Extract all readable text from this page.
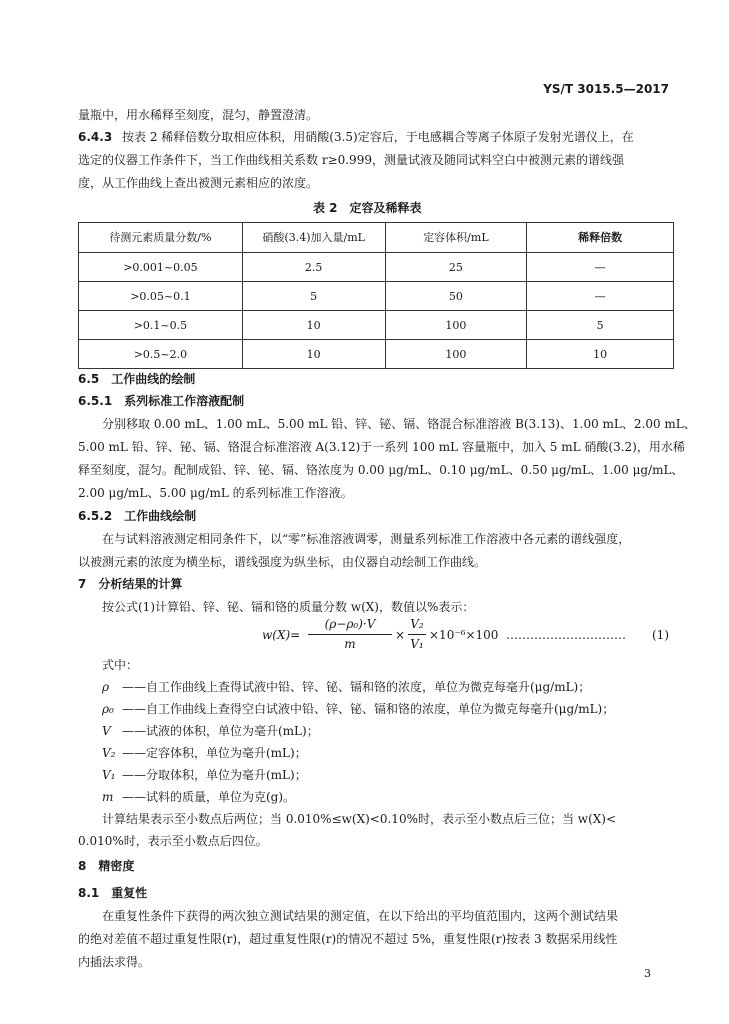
YS/T 3015.5—2017
量瓶中，用水稀释至刻度，混匀，静置澄清。
6.4.3 按表 2 稀释倍数分取相应体积，用硝酸(3.5)定容后，于电感耦合等离子体原子发射光谱仪上，在
选定的仪器工作条件下，当工作曲线相关系数 r≥0.999，测量试液及随同试料空白中被测元素的谱线强
度，从工作曲线上查出被测元素相应的浓度。
表 2　定容及稀释表
待测元素质量分数/%	硝酸(3.4)加入量/mL	定容体积/mL	稀释倍数
>0.001~0.05	2.5	25	—
>0.05~0.1	5	50	—
>0.1~0.5	10	100	5
>0.5~2.0	10	100	10
6.5　工作曲线的绘制
6.5.1　系列标准工作溶液配制
分别移取 0.00 mL、1.00 mL、5.00 mL 铅、锌、铋、镉、铬混合标准溶液 B(3.13)、1.00 mL、2.00 mL、
5.00 mL 铅、锌、铋、镉、铬混合标准溶液 A(3.12)于一系列 100 mL 容量瓶中，加入 5 mL 硝酸(3.2)，用水稀
释至刻度，混匀。配制成铅、锌、铋、镉、铬浓度为 0.00 μg/mL、0.10 μg/mL、0.50 μg/mL、1.00 μg/mL、
2.00 μg/mL、5.00 μg/mL 的系列标准工作溶液。
6.5.2　工作曲线绘制
在与试料溶液测定相同条件下，以“零”标准溶液调零，测量系列标准工作溶液中各元素的谱线强度，
以被测元素的浓度为横坐标，谱线强度为纵坐标，由仪器自动绘制工作曲线。
7　分析结果的计算
按公式(1)计算铅、锌、铋、镉和铬的质量分数 w(X)，数值以%表示：
w(X)=
(ρ−ρ₀)·V
m
×
V₂
V₁
×10⁻⁶×100 ………………………… (1)
式中：
ρ ——自工作曲线上查得试液中铅、锌、铋、镉和铬的浓度，单位为微克每毫升(μg/mL)；
ρ₀ ——自工作曲线上查得空白试液中铅、锌、铋、镉和铬的浓度，单位为微克每毫升(μg/mL)；
V ——试液的体积，单位为毫升(mL)；
V₂ ——定容体积，单位为毫升(mL)；
V₁ ——分取体积，单位为毫升(mL)；
m ——试料的质量，单位为克(g)。
计算结果表示至小数点后两位；当 0.010%≤w(X)<0.10%时，表示至小数点后三位；当 w(X)<
0.010%时，表示至小数点后四位。
8　精密度
8.1　重复性
在重复性条件下获得的两次独立测试结果的测定值，在以下给出的平均值范围内，这两个测试结果
的绝对差值不超过重复性限(r)，超过重复性限(r)的情况不超过 5%，重复性限(r)按表 3 数据采用线性
内插法求得。
3
